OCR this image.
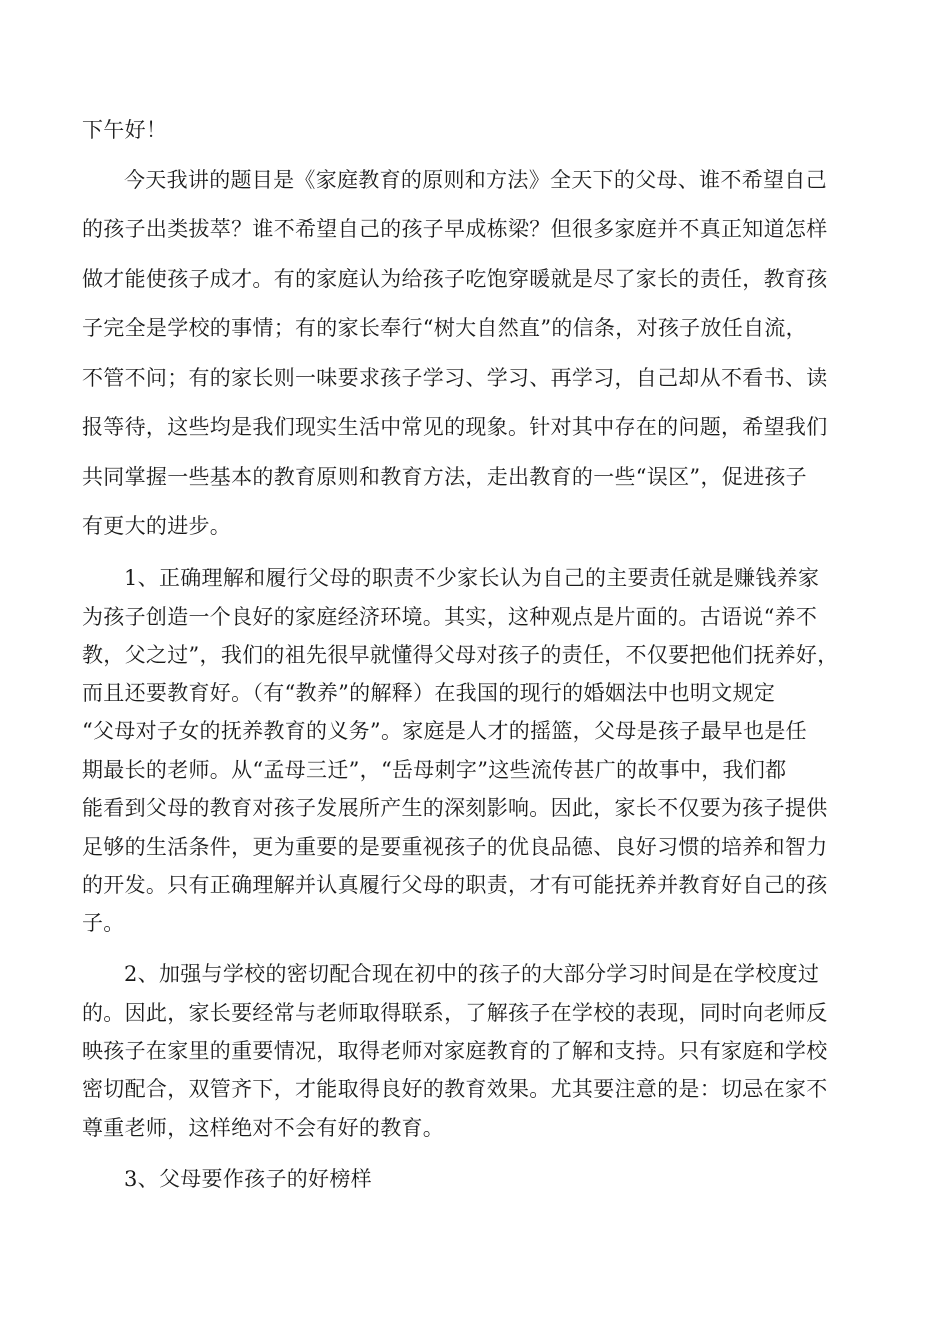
下午好！
今天我讲的题目是《家庭教育的原则和方法》全天下的父母、谁不希望自己
的孩子出类拔萃？谁不希望自己的孩子早成栋梁？但很多家庭并不真正知道怎样
做才能使孩子成才。有的家庭认为给孩子吃饱穿暖就是尽了家长的责任，教育孩
子完全是学校的事情；有的家长奉行“树大自然直”的信条，对孩子放任自流，
不管不问；有的家长则一味要求孩子学习、学习、再学习，自己却从不看书、读
报等待，这些均是我们现实生活中常见的现象。针对其中存在的问题，希望我们
共同掌握一些基本的教育原则和教育方法，走出教育的一些“误区”，促进孩子
有更大的进步。
1、正确理解和履行父母的职责不少家长认为自己的主要责任就是赚钱养家
为孩子创造一个良好的家庭经济环境。其实，这种观点是片面的。古语说“养不
教，父之过”，我们的祖先很早就懂得父母对孩子的责任，不仅要把他们抚养好，
而且还要教育好。（有“教养”的解释）在我国的现行的婚姻法中也明文规定
“父母对子女的抚养教育的义务”。家庭是人才的摇篮，父母是孩子最早也是任
期最长的老师。从“孟母三迁”，“岳母刺字”这些流传甚广的故事中，我们都
能看到父母的教育对孩子发展所产生的深刻影响。因此，家长不仅要为孩子提供
足够的生活条件，更为重要的是要重视孩子的优良品德、良好习惯的培养和智力
的开发。只有正确理解并认真履行父母的职责，才有可能抚养并教育好自己的孩
子。
2、加强与学校的密切配合现在初中的孩子的大部分学习时间是在学校度过
的。因此，家长要经常与老师取得联系，了解孩子在学校的表现，同时向老师反
映孩子在家里的重要情况，取得老师对家庭教育的了解和支持。只有家庭和学校
密切配合，双管齐下，才能取得良好的教育效果。尤其要注意的是：切忌在家不
尊重老师，这样绝对不会有好的教育。
3、父母要作孩子的好榜样
